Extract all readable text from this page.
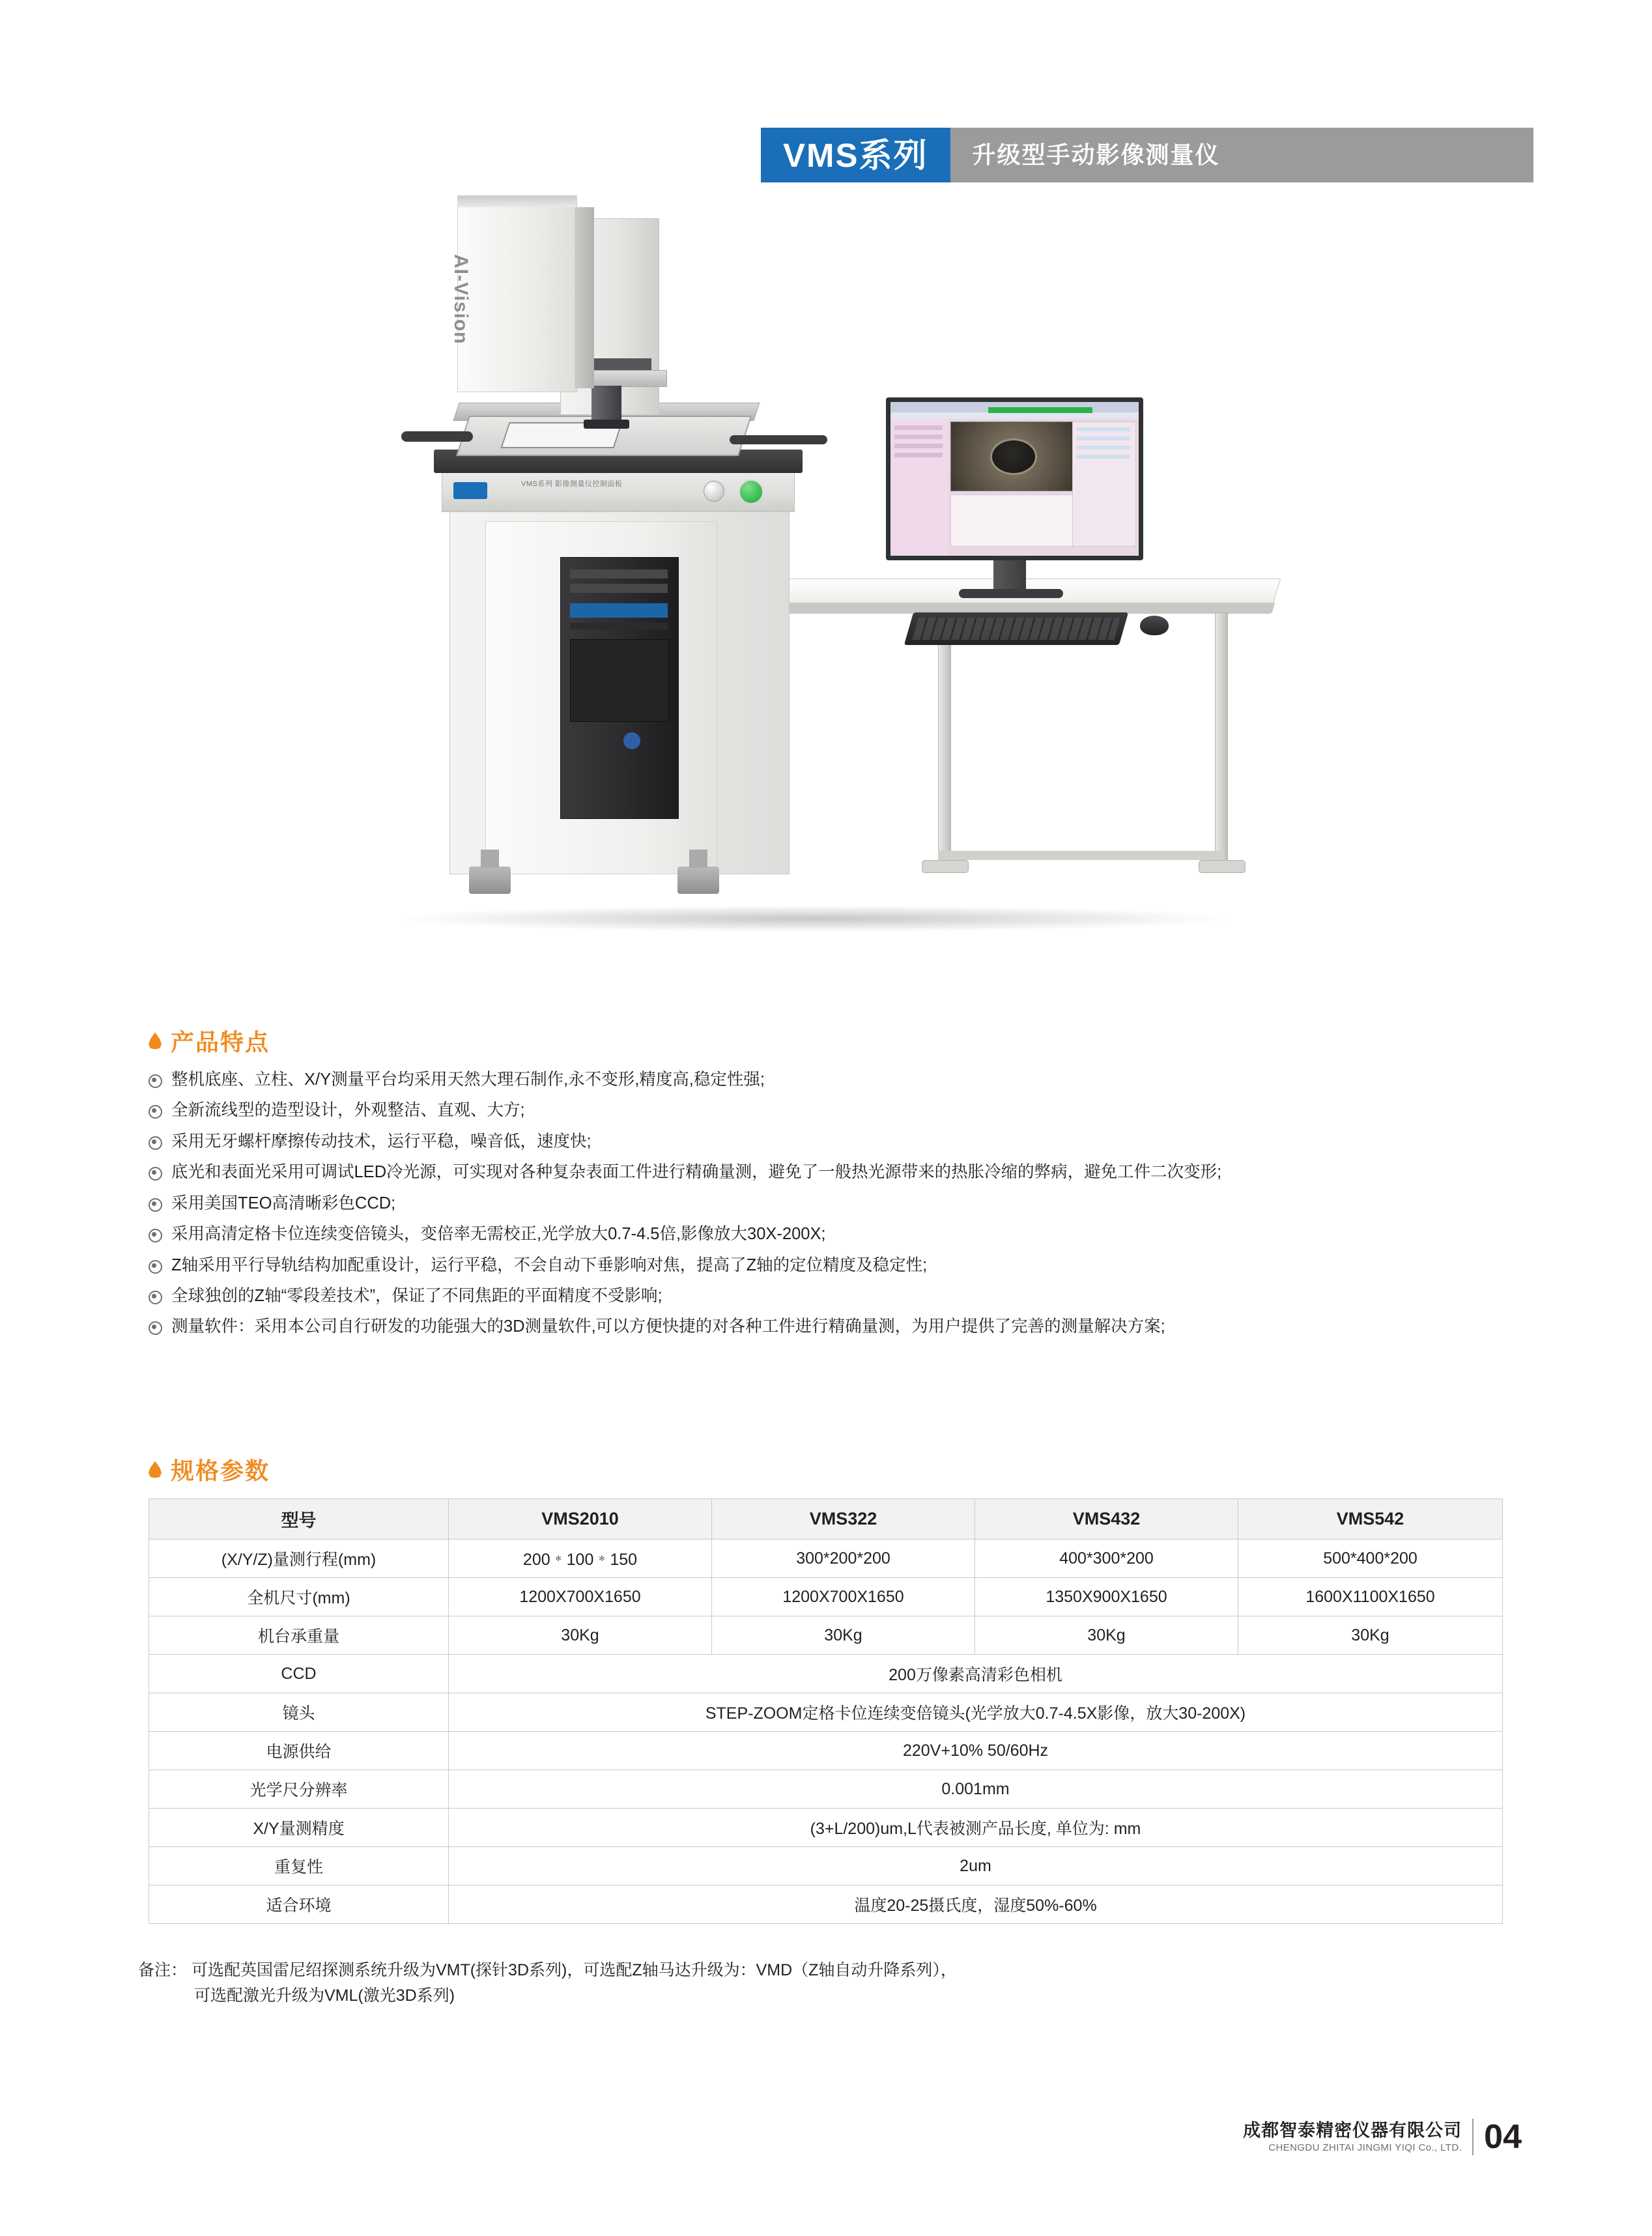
VMS系列	升级型手动影像测量仪
VMS系列 影像测量仪控制面板
AI-Vision
产品特点
整机底座、立柱、X/Y测量平台均采用天然大理石制作,永不变形,精度高,稳定性强;
全新流线型的造型设计，外观整洁、直观、大方;
采用无牙螺杆摩擦传动技术，运行平稳，噪音低，速度快;
底光和表面光采用可调试LED冷光源，可实现对各种复杂表面工件进行精确量测，避免了一般热光源带来的热胀冷缩的弊病，避免工件二次变形;
采用美国TEO高清晰彩色CCD;
采用高清定格卡位连续变倍镜头，变倍率无需校正,光学放大0.7-4.5倍,影像放大30X-200X;
Z轴采用平行导轨结构加配重设计，运行平稳，不会自动下垂影响对焦，提高了Z轴的定位精度及稳定性;
全球独创的Z轴“零段差技术”，保证了不同焦距的平面精度不受影响;
测量软件：采用本公司自行研发的功能强大的3D测量软件,可以方便快捷的对各种工件进行精确量测，为用户提供了完善的测量解决方案;
规格参数
型号	VMS2010	VMS322	VMS432	VMS542
(X/Y/Z)量测行程(mm)	200﹡100﹡150	300*200*200	400*300*200	500*400*200
全机尺寸(mm)	1200X700X1650	1200X700X1650	1350X900X1650	1600X1100X1650
机台承重量	30Kg	30Kg	30Kg	30Kg
CCD	200万像素高清彩色相机			
镜头	STEP-ZOOM定格卡位连续变倍镜头(光学放大0.7-4.5X影像，放大30-200X)			
电源供给	220V+10% 50/60Hz			
光学尺分辨率	0.001mm			
X/Y量测精度	(3+L/200)um,L代表被测产品长度, 单位为: mm			
重复性	2um			
适合环境	温度20-25摄氏度，湿度50%-60%			
备注： 可选配英国雷尼绍探测系统升级为VMT(探针3D系列)，可选配Z轴马达升级为：VMD（Z轴自动升降系列），
可选配激光升级为VML(激光3D系列)
成都智泰精密仪器有限公司
CHENGDU ZHITAI JINGMI YIQI Co., LTD. 04
